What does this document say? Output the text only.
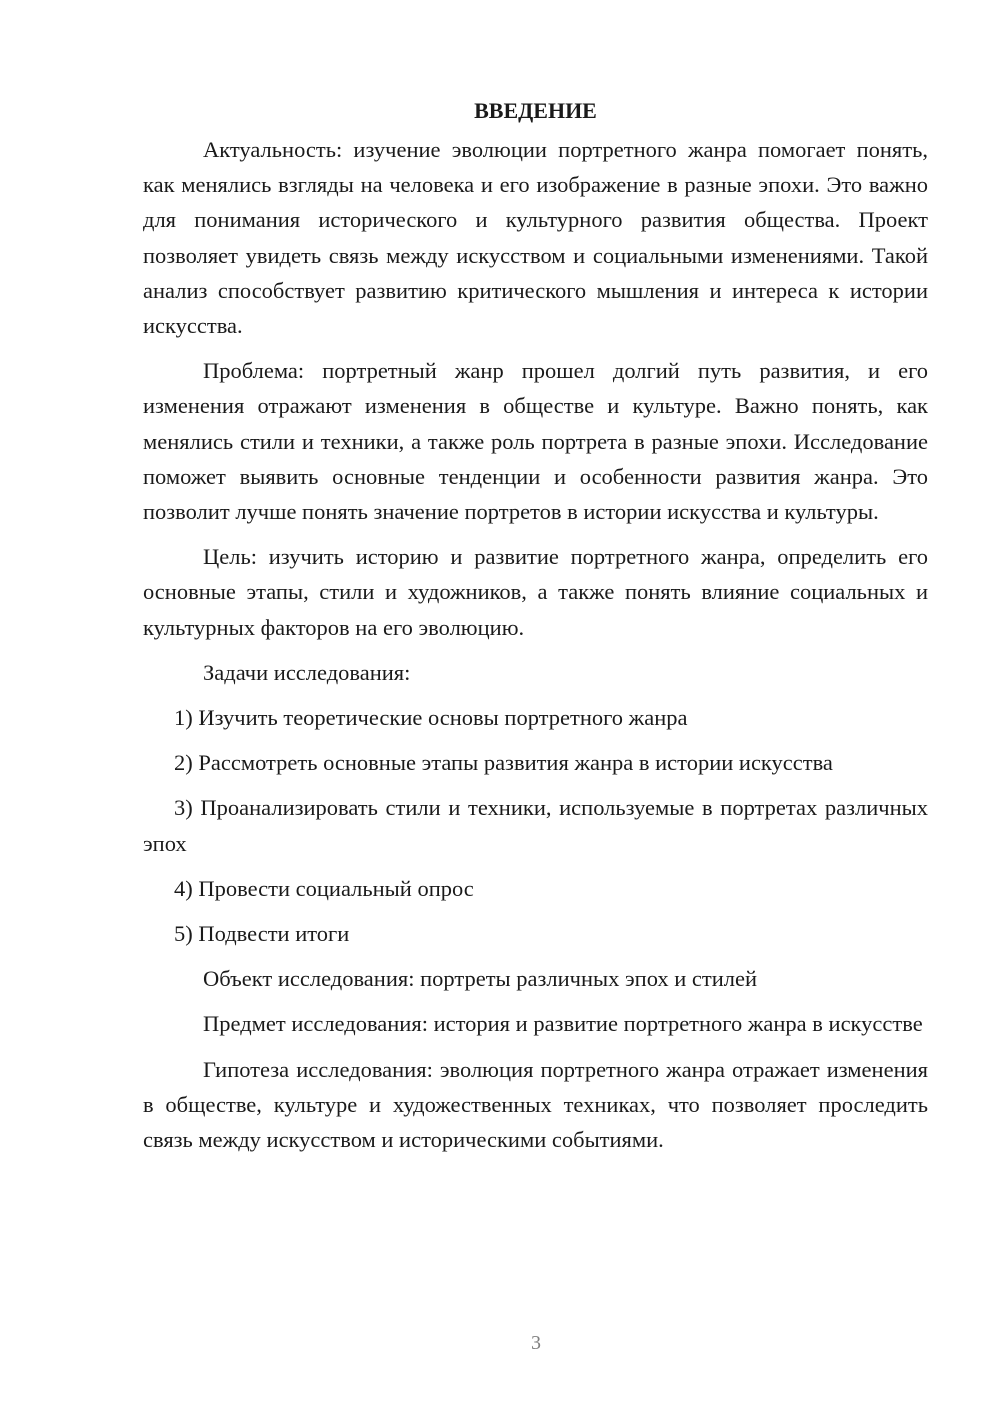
ВВЕДЕНИЕ

Актуальность: изучение эволюции портретного жанра помогает понять, как менялись взгляды на человека и его изображение в разные эпохи. Это важно для понимания исторического и культурного развития общества. Проект позволяет увидеть связь между искусством и социальными изменениями. Такой анализ способствует развитию критического мышления и интереса к истории искусства.

Проблема: портретный жанр прошел долгий путь развития, и его изменения отражают изменения в обществе и культуре. Важно понять, как менялись стили и техники, а также роль портрета в разные эпохи. Исследование поможет выявить основные тенденции и особенности развития жанра. Это позволит лучше понять значение портретов в истории искусства и культуры.

Цель: изучить историю и развитие портретного жанра, определить его основные этапы, стили и художников, а также понять влияние социальных и культурных факторов на его эволюцию.

Задачи исследования:

1) Изучить теоретические основы портретного жанра

2) Рассмотреть основные этапы развития жанра в истории искусства

3) Проанализировать стили и техники, используемые в портретах различных эпох

4) Провести социальный опрос

5) Подвести итоги

Объект исследования: портреты различных эпох и стилей

Предмет исследования: история и развитие портретного жанра в искусстве

Гипотеза исследования: эволюция портретного жанра отражает изменения в обществе, культуре и художественных техниках, что позволяет проследить связь между искусством и историческими событиями.

3
